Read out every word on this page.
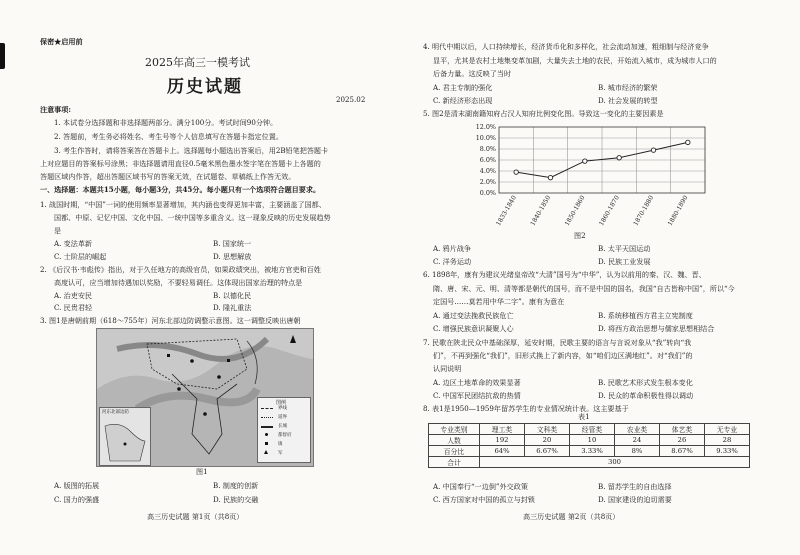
保密★启用前
2025年高三一模考试
历史试题
2025.02
注意事项:
1. 本试卷分选择题和非选择题两部分。满分100分。考试时间90分钟。
2. 答题前，考生务必将姓名、考生号等个人信息填写在答题卡指定位置。
3. 考生作答时，请将答案答在答题卡上。选择题每小题选出答案后，用2B铅笔把答题卡
上对应题目的答案标号涂黑；非选择题请用直径0.5毫米黑色墨水签字笔在答题卡上各题的
答题区域内作答，超出答题区域书写的答案无效，在试题卷、草稿纸上作答无效。
一、选择题：本题共15小题，每小题3分，共45分。每小题只有一个选项符合题目要求。
1. 战国时期，“中国”一词的使用频率显著增加，其内涵也变得更加丰富，主要涵盖了国都、
国都、中原、记忆中国、文化中国、一统中国等多重含义。这一现象反映的历史发展趋势
是
A. 变法革新	B. 国家统一
C. 士阶层的崛起	D. 思想解放
2. 《后汉书·韦彪传》指出，对于久任地方的高级官员，如果政绩突出，被地方官吏和百姓
高度认可，应当增加待遇加以奖励，不要轻易调任。这体现出国家治理的特点是
A. 治吏安民	B. 以德化民
C. 民贵君轻	D. 隆礼重法
3. 图1是唐朝前期（618～755年）河东北部边防调整示意图。这一调整反映出唐朝
河东北部边防
图例
界线
道界
长城
都督府
镇
军
图1
A. 版图的拓展	B. 制度的创新
C. 国力的强盛	D. 民族的交融
高三历史试题 第1页（共8页）
4. 明代中期以后，人口持续增长，经济货币化和多样化，社会流动加速，粗细制与经济竞争
显平，尤其是农村土地集变革加剧，大量失去土地的农民，开始流入城市，成为城市人口的
后备力量。这反映了当时
A. 君主专制的强化	B. 城市经济的繁荣
C. 新经济形态出现	D. 社会发展的转型
5. 图2是清末湖南籍知府占汉人知府比例变化图。导致这一变化的主要因素是
12.0%
10.0%
8.0%
6.0%
4.0%
2.0%
0.0%
1833-1840 1840-1850 1850-1860 1860-1870 1870-1880 1880-1890
图2
A. 鸦片战争	B. 太平天国运动
C. 洋务运动	D. 民族工业发展
6. 1898年，康有为建议光绪皇帝改“大清”国号为“中华”，认为以前用的秦、汉、魏、晋、
隋、唐、宋、元、明、清等都是朝代的国号，而不是中国的国名，我国“自古皆称中国”，所以“今
定国号……莫若用中华二字”。康有为意在
A. 通过变法挽救民族危亡	B. 系统移植西方君主立宪制度
C. 增强民族意识凝聚人心	D. 将西方政治思想与儒家思想相结合
7. 民歌在陕北民众中基础深厚，延安时期，民歌主要的语言与言说对象从“我”转向“我
们”，不再到强化“我们”，旧形式换上了新内容，如“咱们边区满地红”。对“我们”的
认同说明
A. 边区土地革命的效果显著	B. 民歌艺术形式发生根本变化
C. 中国军民团结抗敌的热情	D. 民众的革命积极性得以调动
8. 表1是1950—1959年留苏学生的专业情况统计表。这主要基于
表1
专业类别	理工类	文科类	经管类	农业类	体艺类	无专业
人数	192	20	10	24	26	28
百分比	64%	6.67%	3.33%	8%	8.67%	9.33%
合计	300					
A. 中国奉行“一边倒”外交政策	B. 留苏学生的自由选择
C. 西方国家对中国的孤立与封锁	D. 国家建设的迫切需要
高三历史试题 第2页（共8页）
